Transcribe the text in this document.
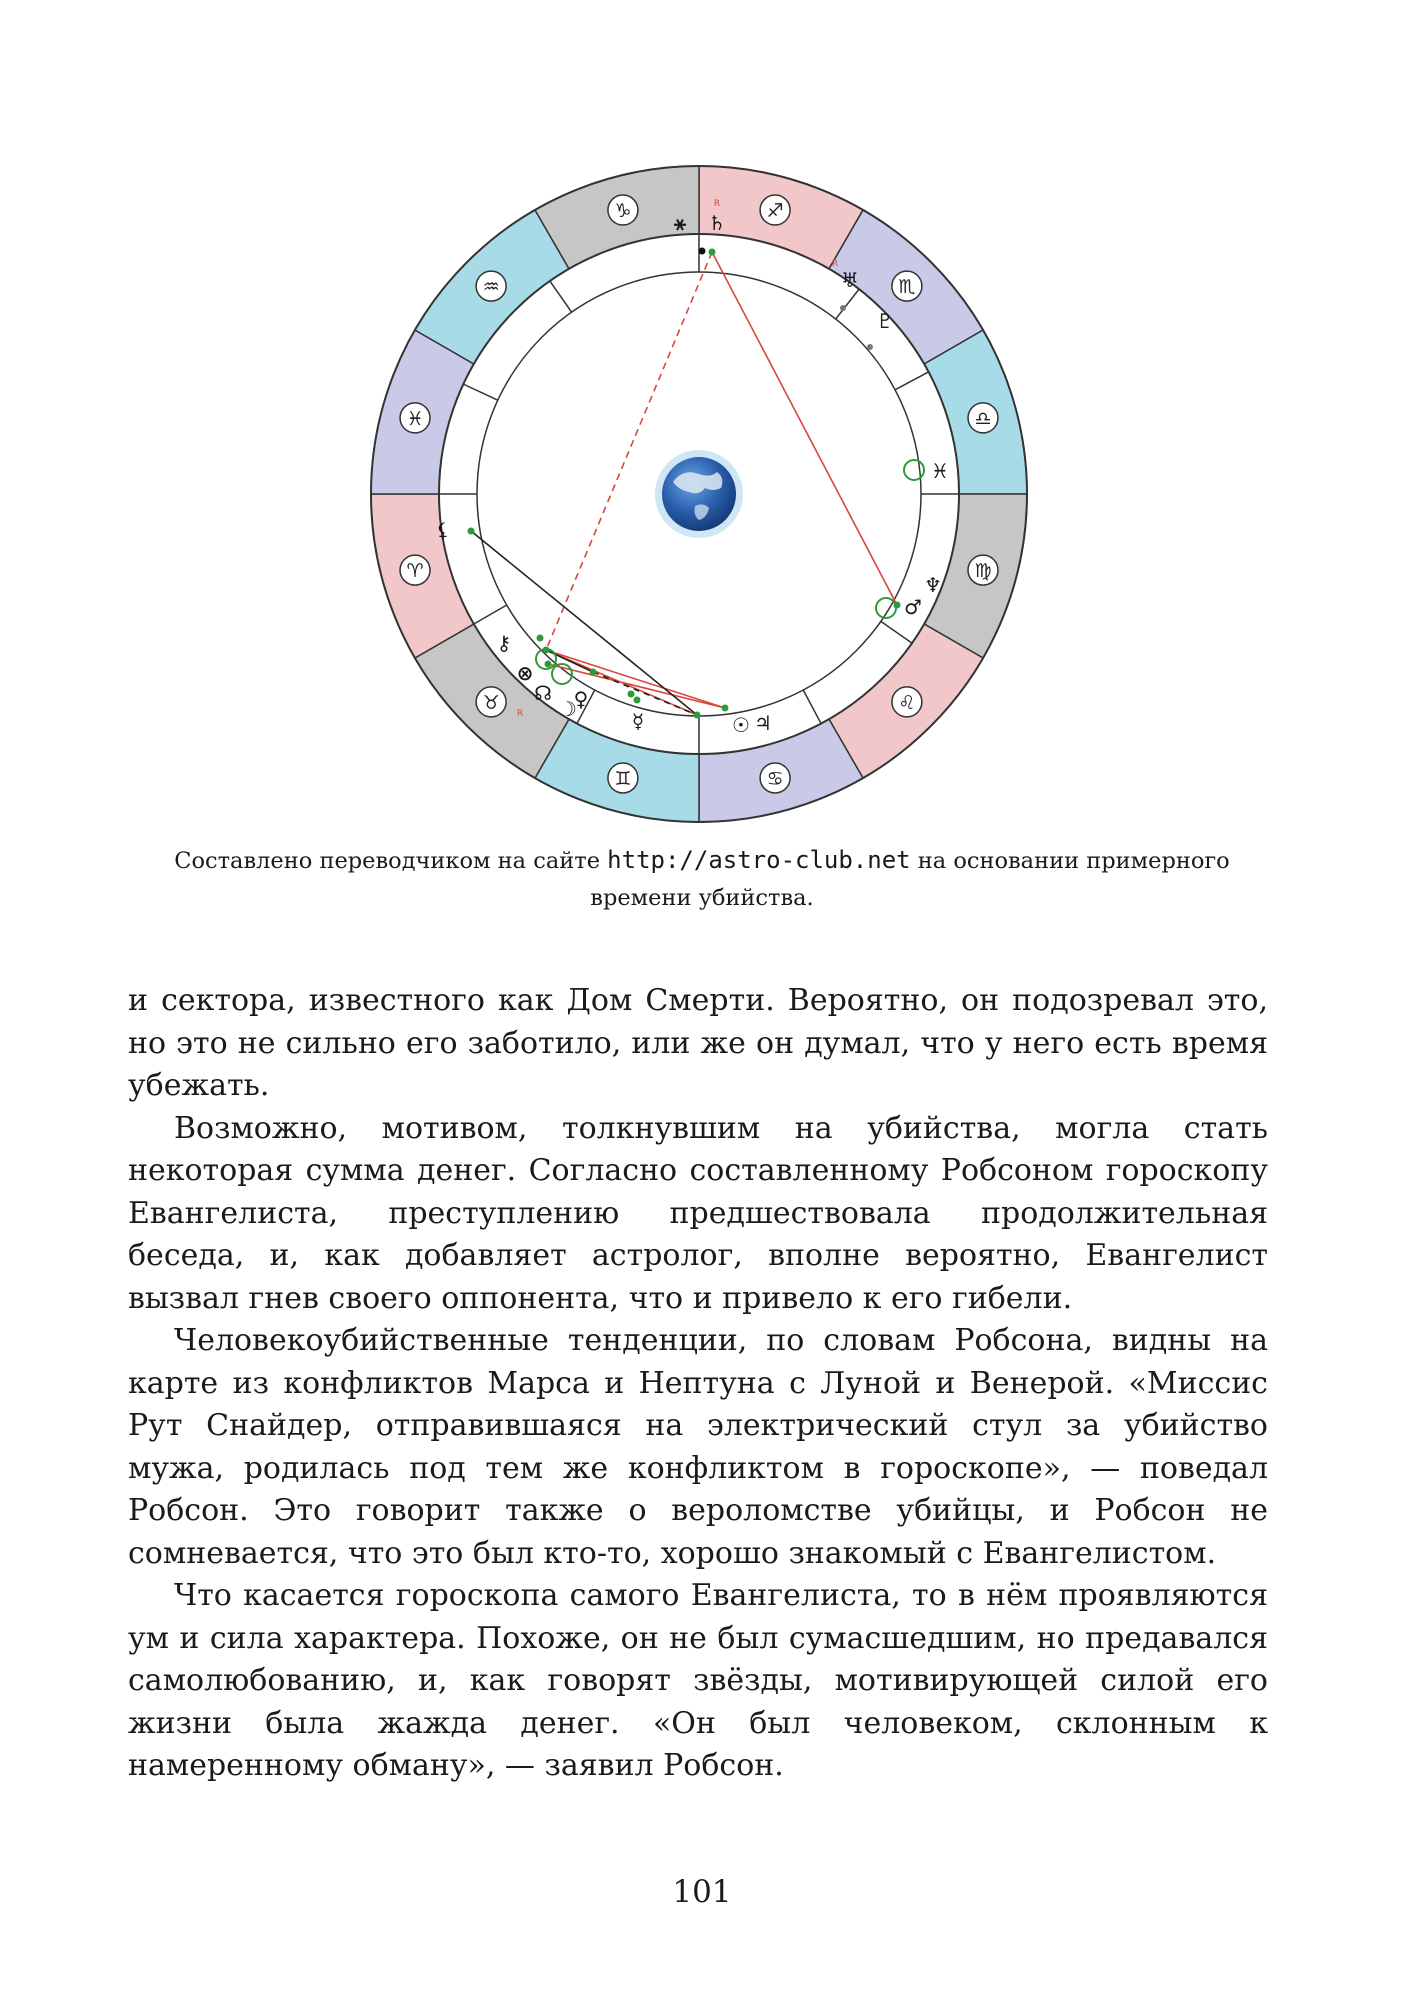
♐
♏
♎
♍
♌
♋
♊
♉
♈
♓
♒
♑	♄
⚹
♅
♇
♓
♆
♂
☉ ♃
☿
♀
☽
☊
⊗
⚷
⚸
R
R
R
Составлено переводчиком на сайте http://astro-club.net на основании примерного времени убийства.

и сектора, известного как Дом Смерти. Вероятно, он подозревал это, но это не сильно его заботило, или же он думал, что у него есть время убежать.

Возможно, мотивом, толкнувшим на убийства, могла стать некоторая сумма денег. Согласно составленному Робсоном гороскопу Евангелиста, преступлению предшествовала продолжительная беседа, и, как добавляет астролог, вполне вероятно, Евангелист вызвал гнев своего оппонента, что и привело к его гибели.

Человекоубийственные тенденции, по словам Робсона, видны на карте из конфликтов Марса и Нептуна с Луной и Венерой. «Миссис Рут Снайдер, отправившаяся на электрический стул за убийство мужа, родилась под тем же конфликтом в гороскопе», — поведал Робсон. Это говорит также о вероломстве убийцы, и Робсон не сомневается, что это был кто-то, хорошо знакомый с Евангелистом.

Что касается гороскопа самого Евангелиста, то в нём проявляются ум и сила характера. Похоже, он не был сумасшедшим, но предавался самолюбованию, и, как говорят звёзды, мотивирующей силой его жизни была жажда денег. «Он был человеком, склонным к намеренному обману», — заявил Робсон.

101
